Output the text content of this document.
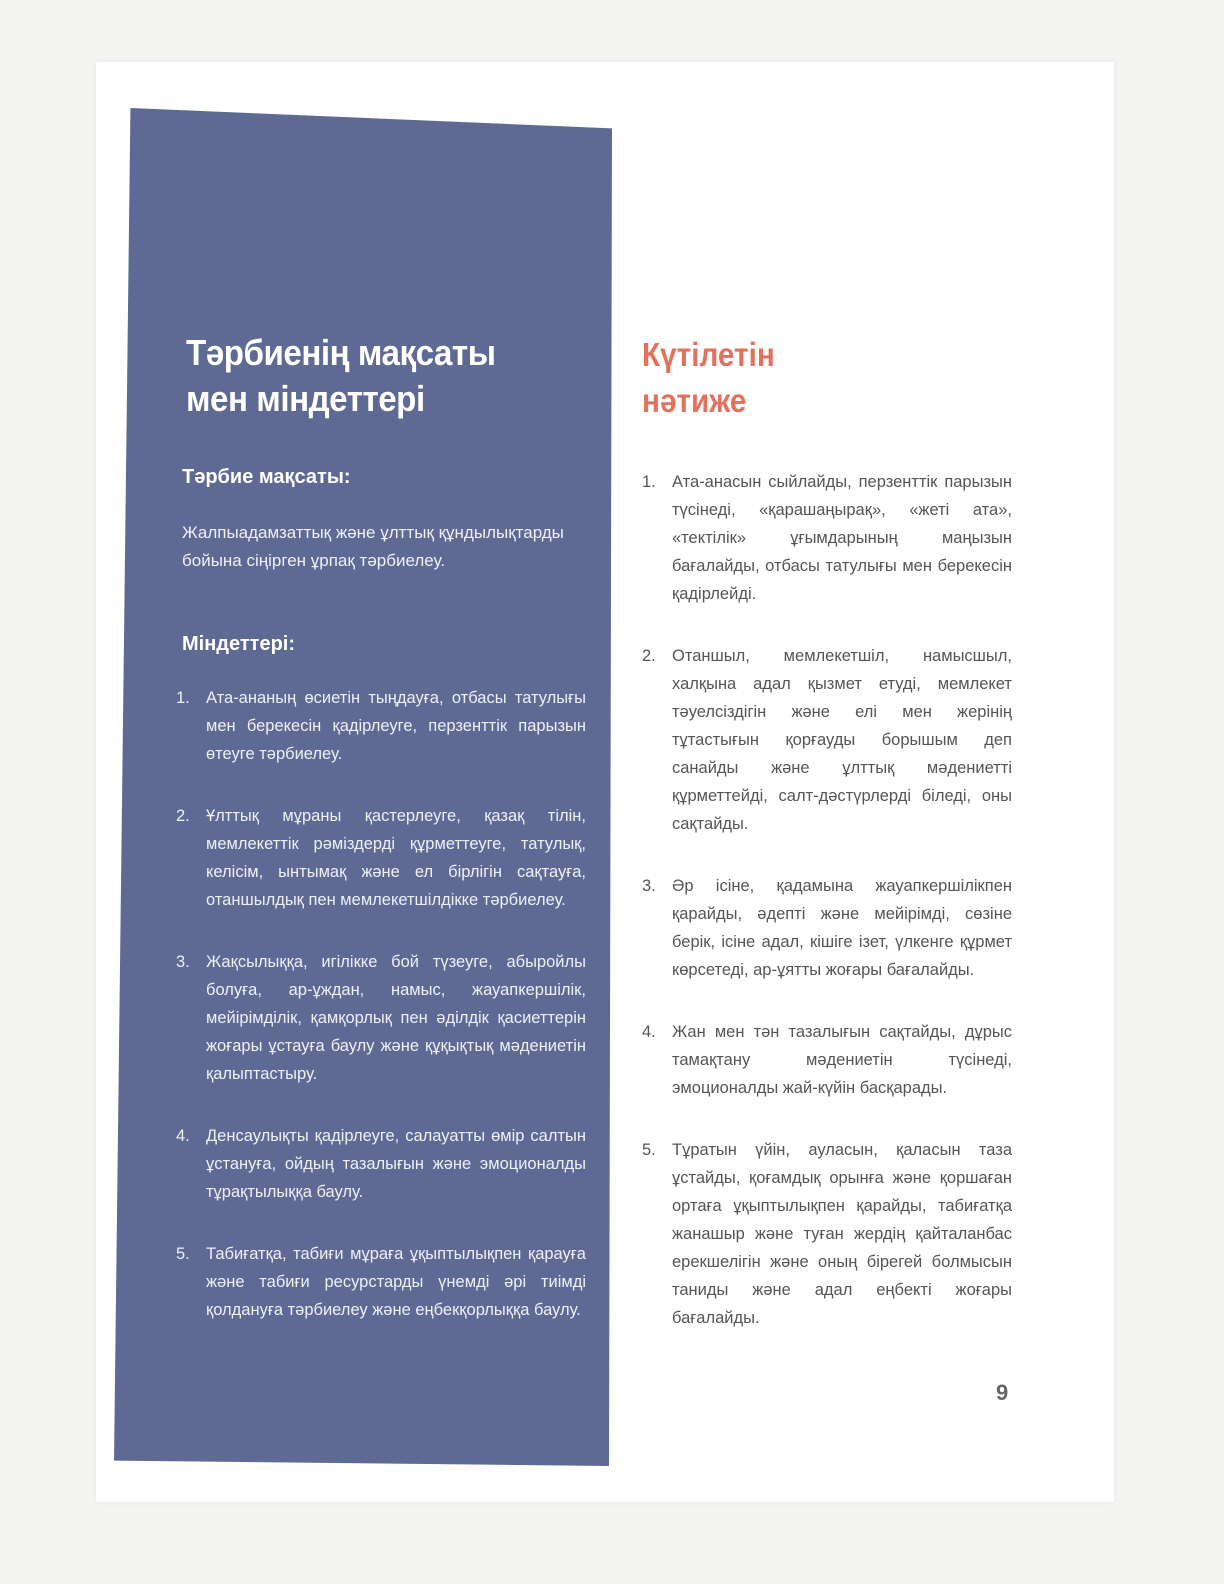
Тәрбиенің мақсаты
мен міндеттері
Тәрбие мақсаты:

Жалпыадамзаттық және ұлттық құндылықтарды бойына сіңірген ұрпақ тәрбиелеу.

Міндеттері:
1. Ата-ананың өсиетін тыңдауға, отбасы татулығы мен берекесін қадірлеуге, перзенттік парызын өтеуге тәрбиелеу.
2. Ұлттық мұраны қастерлеуге, қазақ тілін, мемлекеттік рәміздерді құрметтеуге, татулық, келісім, ынтымақ және ел бірлігін сақтауға, отаншылдық пен мемлекетшілдікке тәрбиелеу.
3. Жақсылыққа, игілікке бой түзеуге, абыройлы болуға, ар-ұждан, намыс, жауапкершілік, мейірімділік, қамқорлық пен әділдік қасиеттерін жоғары ұстауға баулу және құқықтық мәдениетін қалыптастыру.
4. Денсаулықты қадірлеуге, салауатты өмір салтын ұстануға, ойдың тазалығын және эмоционалды тұрақтылыққа баулу.
5. Табиғатқа, табиғи мұраға ұқыптылықпен қарауға және табиғи ресурстарды үнемді әрі тиімді қолдануға тәрбиелеу және еңбекқорлыққа баулу.
Күтілетін
нәтиже
1. Ата-анасын сыйлайды, перзенттік парызын түсінеді, «қарашаңырақ», «жеті ата», «тектілік» ұғымдарының маңызын бағалайды, отбасы татулығы мен берекесін қадірлейді.
2. Отаншыл, мемлекетшіл, намысшыл, халқына адал қызмет етуді, мемлекет тәуелсіздігін және елі мен жерінің тұтастығын қорғауды борышым деп санайды және ұлттық мәдениетті құрметтейді, салт-дәстүрлерді біледі, оны сақтайды.
3. Әр ісіне, қадамына жауапкершілікпен қарайды, әдепті және мейірімді, сөзіне берік, ісіне адал, кішіге ізет, үлкенге құрмет көрсетеді, ар-ұятты жоғары бағалайды.
4. Жан мен тән тазалығын сақтайды, дұрыс тамақтану мәдениетін түсінеді, эмоционалды жай-күйін басқарады.
5. Тұратын үйін, ауласын, қаласын таза ұстайды, қоғамдық орынға және қоршаған ортаға ұқыптылықпен қарайды, табиғатқа жанашыр және туған жердің қайталанбас ерекшелігін және оның бірегей болмысын таниды және адал еңбекті жоғары бағалайды.
9
